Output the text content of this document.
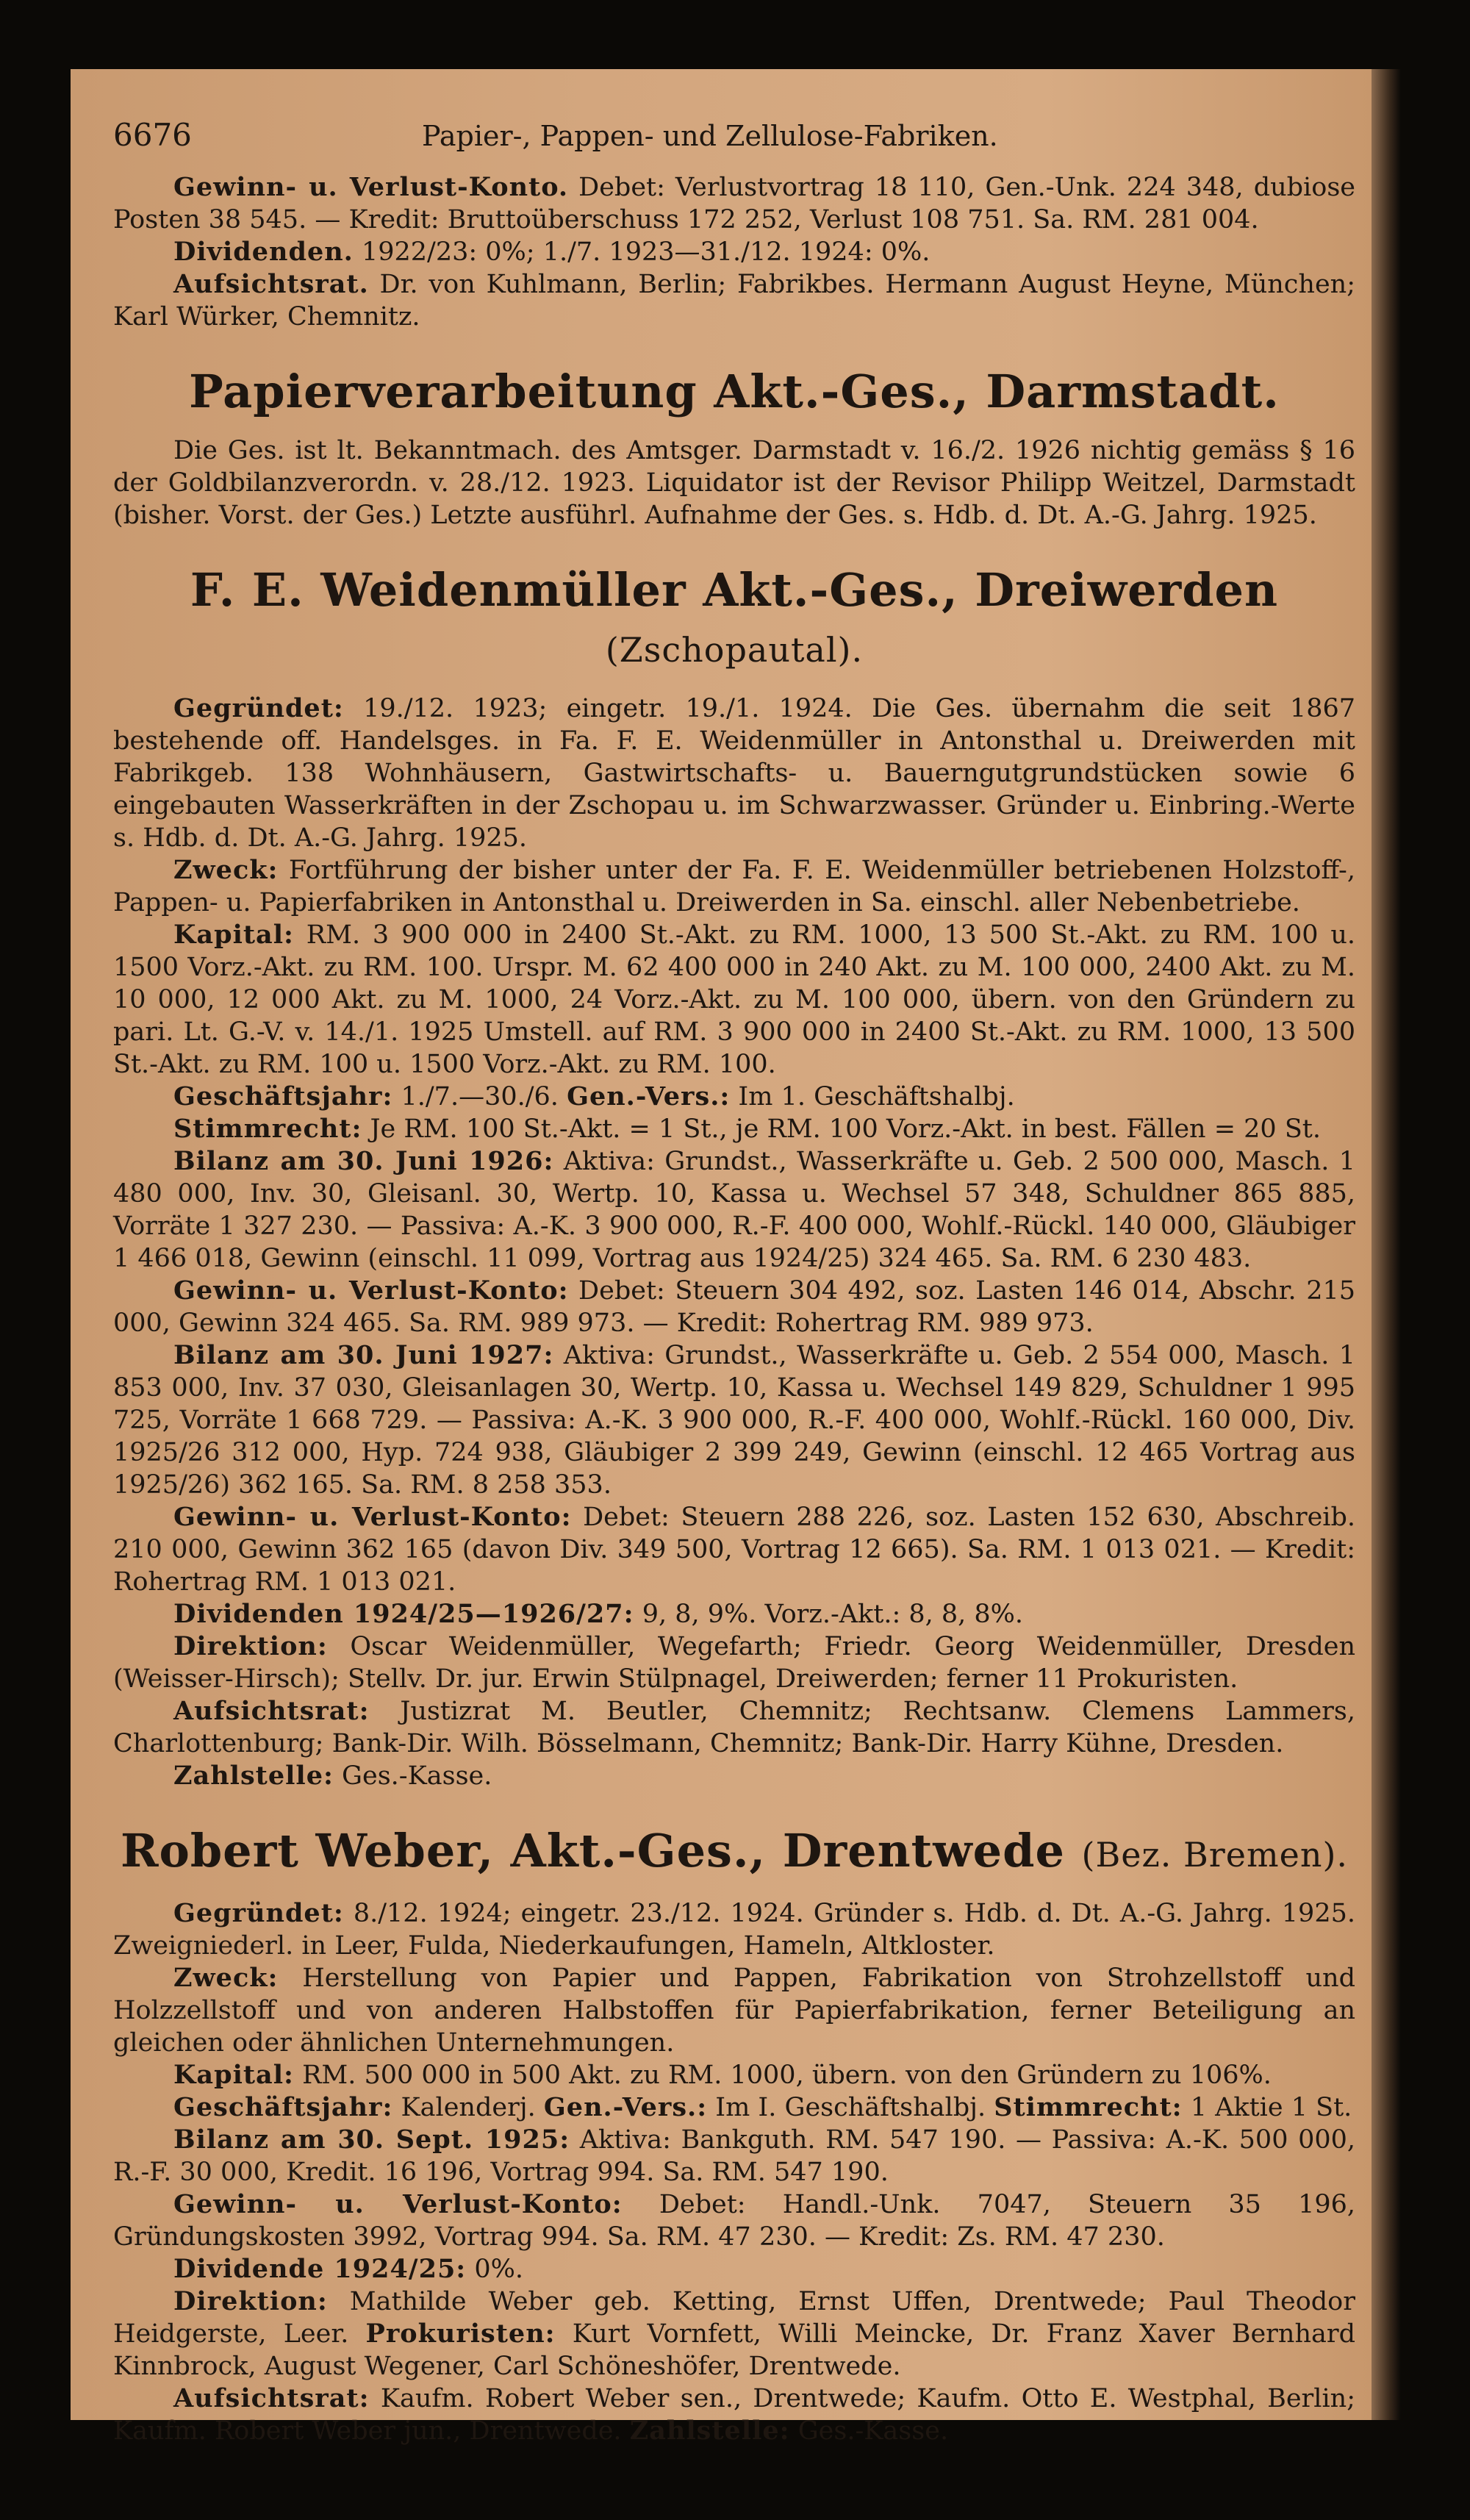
6676	Papier-, Pappen- und Zellulose-Fabriken.

Gewinn- u. Verlust-Konto. Debet: Verlustvortrag 18 110, Gen.-Unk. 224 348, dubiose Posten 38 545. — Kredit: Bruttoüberschuss 172 252, Verlust 108 751. Sa. RM. 281 004.

Dividenden. 1922/23: 0%; 1./7. 1923—31./12. 1924: 0%.

Aufsichtsrat. Dr. von Kuhlmann, Berlin; Fabrikbes. Hermann August Heyne, München; Karl Würker, Chemnitz.

Papierverarbeitung Akt.-Ges., Darmstadt.

Die Ges. ist lt. Bekanntmach. des Amtsger. Darmstadt v. 16./2. 1926 nichtig gemäss § 16 der Goldbilanzverordn. v. 28./12. 1923. Liquidator ist der Revisor Philipp Weitzel, Darmstadt (bisher. Vorst. der Ges.) Letzte ausführl. Aufnahme der Ges. s. Hdb. d. Dt. A.-G. Jahrg. 1925.

F. E. Weidenmüller Akt.-Ges., Dreiwerden (Zschopautal).

Gegründet: 19./12. 1923; eingetr. 19./1. 1924. Die Ges. übernahm die seit 1867 bestehende off. Handelsges. in Fa. F. E. Weidenmüller in Antonsthal u. Dreiwerden mit Fabrikgeb. 138 Wohnhäusern, Gastwirtschafts- u. Bauerngutgrundstücken sowie 6 eingebauten Wasserkräften in der Zschopau u. im Schwarzwasser. Gründer u. Einbring.-Werte s. Hdb. d. Dt. A.-G. Jahrg. 1925.

Zweck: Fortführung der bisher unter der Fa. F. E. Weidenmüller betriebenen Holzstoff-, Pappen- u. Papierfabriken in Antonsthal u. Dreiwerden in Sa. einschl. aller Nebenbetriebe.

Kapital: RM. 3 900 000 in 2400 St.-Akt. zu RM. 1000, 13 500 St.-Akt. zu RM. 100 u. 1500 Vorz.-Akt. zu RM. 100. Urspr. M. 62 400 000 in 240 Akt. zu M. 100 000, 2400 Akt. zu M. 10 000, 12 000 Akt. zu M. 1000, 24 Vorz.-Akt. zu M. 100 000, übern. von den Gründern zu pari. Lt. G.-V. v. 14./1. 1925 Umstell. auf RM. 3 900 000 in 2400 St.-Akt. zu RM. 1000, 13 500 St.-Akt. zu RM. 100 u. 1500 Vorz.-Akt. zu RM. 100.

Geschäftsjahr: 1./7.—30./6. Gen.-Vers.: Im 1. Geschäftshalbj.

Stimmrecht: Je RM. 100 St.-Akt. = 1 St., je RM. 100 Vorz.-Akt. in best. Fällen = 20 St.

Bilanz am 30. Juni 1926: Aktiva: Grundst., Wasserkräfte u. Geb. 2 500 000, Masch. 1 480 000, Inv. 30, Gleisanl. 30, Wertp. 10, Kassa u. Wechsel 57 348, Schuldner 865 885, Vorräte 1 327 230. — Passiva: A.-K. 3 900 000, R.-F. 400 000, Wohlf.-Rückl. 140 000, Gläubiger 1 466 018, Gewinn (einschl. 11 099, Vortrag aus 1924/25) 324 465. Sa. RM. 6 230 483.

Gewinn- u. Verlust-Konto: Debet: Steuern 304 492, soz. Lasten 146 014, Abschr. 215 000, Gewinn 324 465. Sa. RM. 989 973. — Kredit: Rohertrag RM. 989 973.

Bilanz am 30. Juni 1927: Aktiva: Grundst., Wasserkräfte u. Geb. 2 554 000, Masch. 1 853 000, Inv. 37 030, Gleisanlagen 30, Wertp. 10, Kassa u. Wechsel 149 829, Schuldner 1 995 725, Vorräte 1 668 729. — Passiva: A.-K. 3 900 000, R.-F. 400 000, Wohlf.-Rückl. 160 000, Div. 1925/26 312 000, Hyp. 724 938, Gläubiger 2 399 249, Gewinn (einschl. 12 465 Vortrag aus 1925/26) 362 165. Sa. RM. 8 258 353.

Gewinn- u. Verlust-Konto: Debet: Steuern 288 226, soz. Lasten 152 630, Abschreib. 210 000, Gewinn 362 165 (davon Div. 349 500, Vortrag 12 665). Sa. RM. 1 013 021. — Kredit: Rohertrag RM. 1 013 021.

Dividenden 1924/25—1926/27: 9, 8, 9%. Vorz.-Akt.: 8, 8, 8%.

Direktion: Oscar Weidenmüller, Wegefarth; Friedr. Georg Weidenmüller, Dresden (Weisser-Hirsch); Stellv. Dr. jur. Erwin Stülpnagel, Dreiwerden; ferner 11 Prokuristen.

Aufsichtsrat: Justizrat M. Beutler, Chemnitz; Rechtsanw. Clemens Lammers, Charlottenburg; Bank-Dir. Wilh. Bösselmann, Chemnitz; Bank-Dir. Harry Kühne, Dresden.

Zahlstelle: Ges.-Kasse.

Robert Weber, Akt.-Ges., Drentwede (Bez. Bremen).

Gegründet: 8./12. 1924; eingetr. 23./12. 1924. Gründer s. Hdb. d. Dt. A.-G. Jahrg. 1925. Zweigniederl. in Leer, Fulda, Niederkaufungen, Hameln, Altkloster.

Zweck: Herstellung von Papier und Pappen, Fabrikation von Strohzellstoff und Holzzellstoff und von anderen Halbstoffen für Papierfabrikation, ferner Beteiligung an gleichen oder ähnlichen Unternehmungen.

Kapital: RM. 500 000 in 500 Akt. zu RM. 1000, übern. von den Gründern zu 106%.

Geschäftsjahr: Kalenderj. Gen.-Vers.: Im I. Geschäftshalbj. Stimmrecht: 1 Aktie 1 St.

Bilanz am 30. Sept. 1925: Aktiva: Bankguth. RM. 547 190. — Passiva: A.-K. 500 000, R.-F. 30 000, Kredit. 16 196, Vortrag 994. Sa. RM. 547 190.

Gewinn- u. Verlust-Konto: Debet: Handl.-Unk. 7047, Steuern 35 196, Gründungskosten 3992, Vortrag 994. Sa. RM. 47 230. — Kredit: Zs. RM. 47 230.

Dividende 1924/25: 0%.

Direktion: Mathilde Weber geb. Ketting, Ernst Uffen, Drentwede; Paul Theodor Heidgerste, Leer. Prokuristen: Kurt Vornfett, Willi Meincke, Dr. Franz Xaver Bernhard Kinnbrock, August Wegener, Carl Schöneshöfer, Drentwede.

Aufsichtsrat: Kaufm. Robert Weber sen., Drentwede; Kaufm. Otto E. Westphal, Berlin; Kaufm. Robert Weber jun., Drentwede. Zahlstelle: Ges.-Kasse.
